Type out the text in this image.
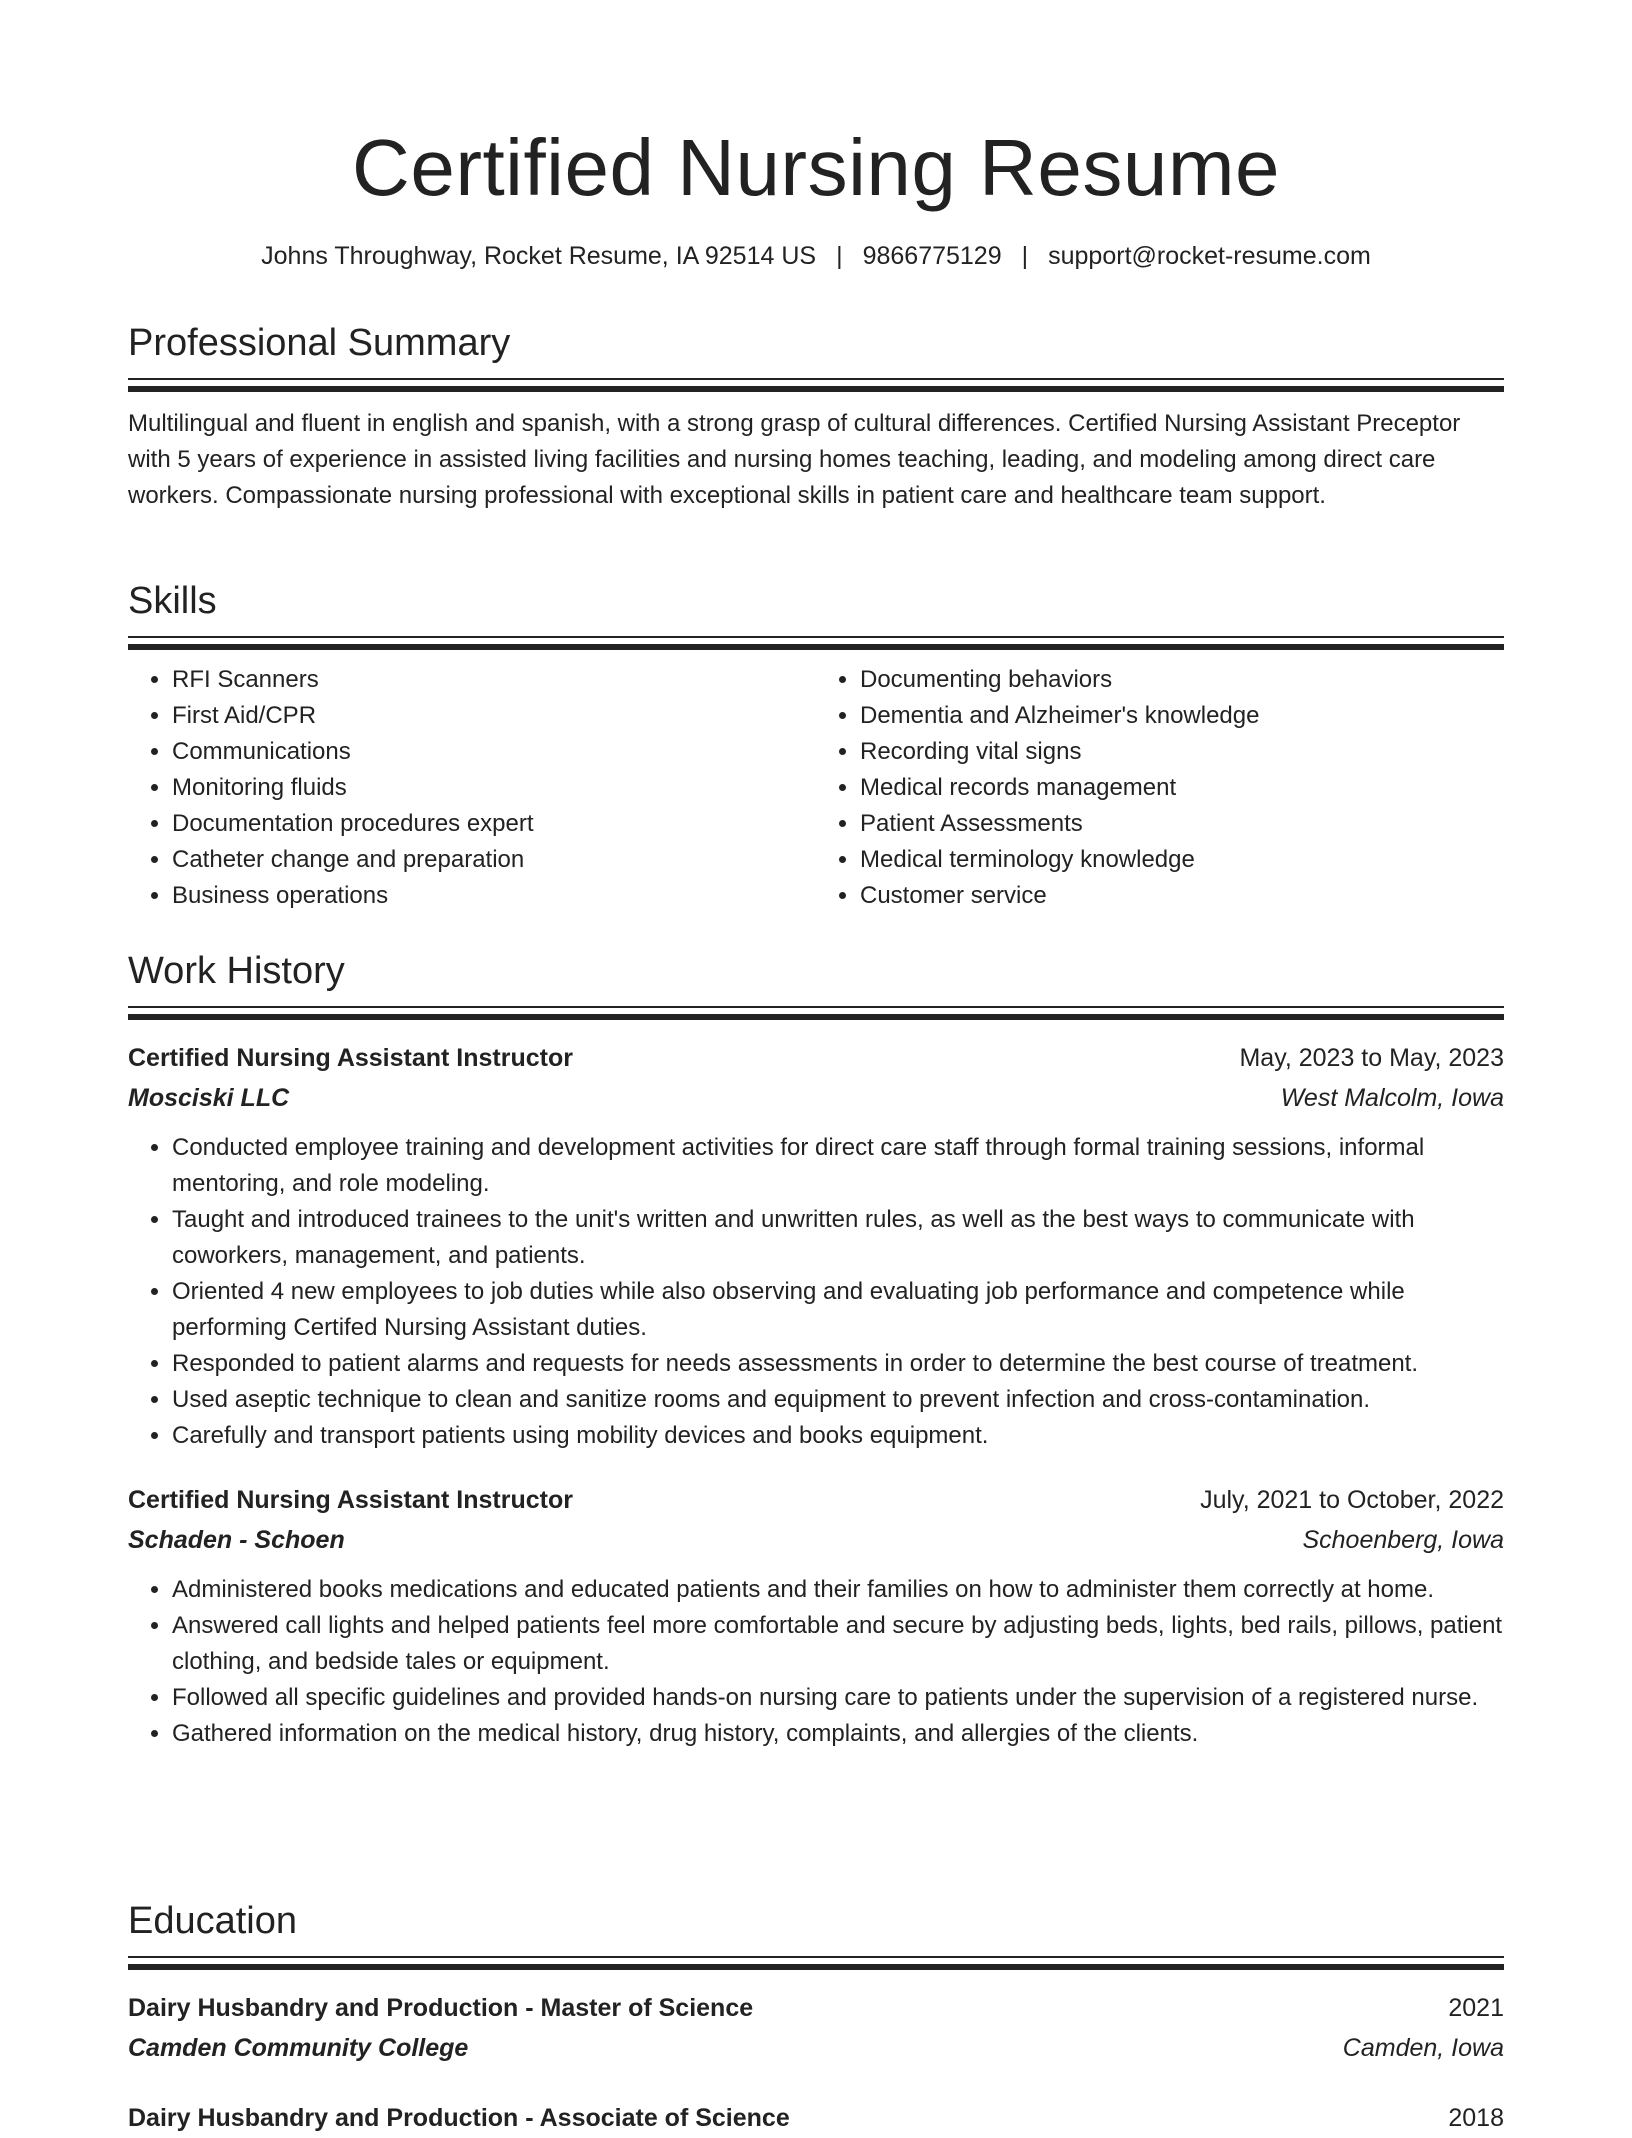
Certified Nursing Resume
Johns Throughway, Rocket Resume, IA 92514 US | 9866775129 | support@rocket-resume.com
Professional Summary

Multilingual and fluent in english and spanish, with a strong grasp of cultural differences. Certified Nursing Assistant Preceptor with 5 years of experience in assisted living facilities and nursing homes teaching, leading, and modeling among direct care workers. Compassionate nursing professional with exceptional skills in patient care and healthcare team support.

Skills
• RFI Scanners
• First Aid/CPR
• Communications
• Monitoring fluids
• Documentation procedures expert
• Catheter change and preparation
• Business operations
• Documenting behaviors
• Dementia and Alzheimer's knowledge
• Recording vital signs
• Medical records management
• Patient Assessments
• Medical terminology knowledge
• Customer service
Work History
Certified Nursing Assistant Instructor	May, 2023 to May, 2023
Mosciski LLC	West Malcolm, Iowa
• Conducted employee training and development activities for direct care staff through formal training sessions, informal mentoring, and role modeling.
• Taught and introduced trainees to the unit's written and unwritten rules, as well as the best ways to communicate with coworkers, management, and patients.
• Oriented 4 new employees to job duties while also observing and evaluating job performance and competence while performing Certifed Nursing Assistant duties.
• Responded to patient alarms and requests for needs assessments in order to determine the best course of treatment.
• Used aseptic technique to clean and sanitize rooms and equipment to prevent infection and cross-contamination.
• Carefully and transport patients using mobility devices and books equipment.
Certified Nursing Assistant Instructor	July, 2021 to October, 2022
Schaden - Schoen	Schoenberg, Iowa
• Administered books medications and educated patients and their families on how to administer them correctly at home.
• Answered call lights and helped patients feel more comfortable and secure by adjusting beds, lights, bed rails, pillows, patient clothing, and bedside tales or equipment.
• Followed all specific guidelines and provided hands-on nursing care to patients under the supervision of a registered nurse.
• Gathered information on the medical history, drug history, complaints, and allergies of the clients.
Education
Dairy Husbandry and Production - Master of Science	2021
Camden Community College	Camden, Iowa
Dairy Husbandry and Production - Associate of Science	2018
